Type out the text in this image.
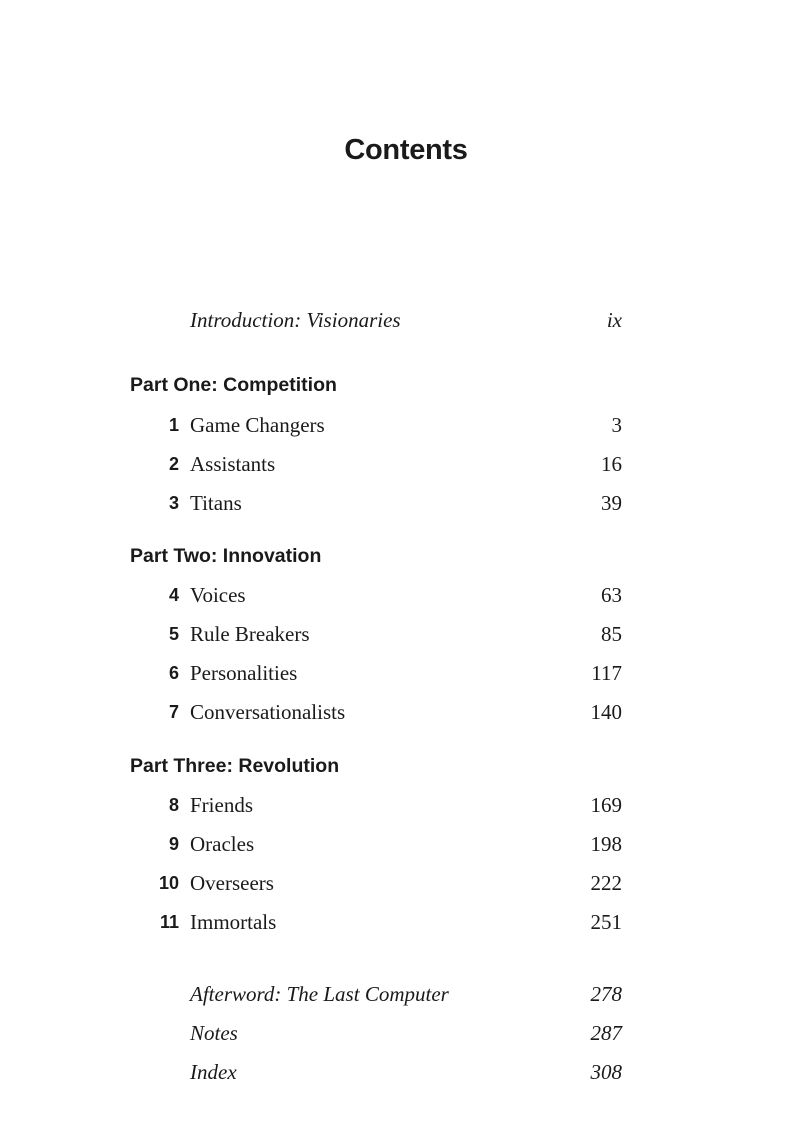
Contents
Introduction: Visionaries	ix
Part One: Competition
1 Game Changers	3
2 Assistants	16
3 Titans	39
Part Two: Innovation
4 Voices	63
5 Rule Breakers	85
6 Personalities	117
7 Conversationalists	140
Part Three: Revolution
8 Friends	169
9 Oracles	198
10 Overseers	222
11 Immortals	251
Afterword: The Last Computer	278
Notes	287
Index	308
